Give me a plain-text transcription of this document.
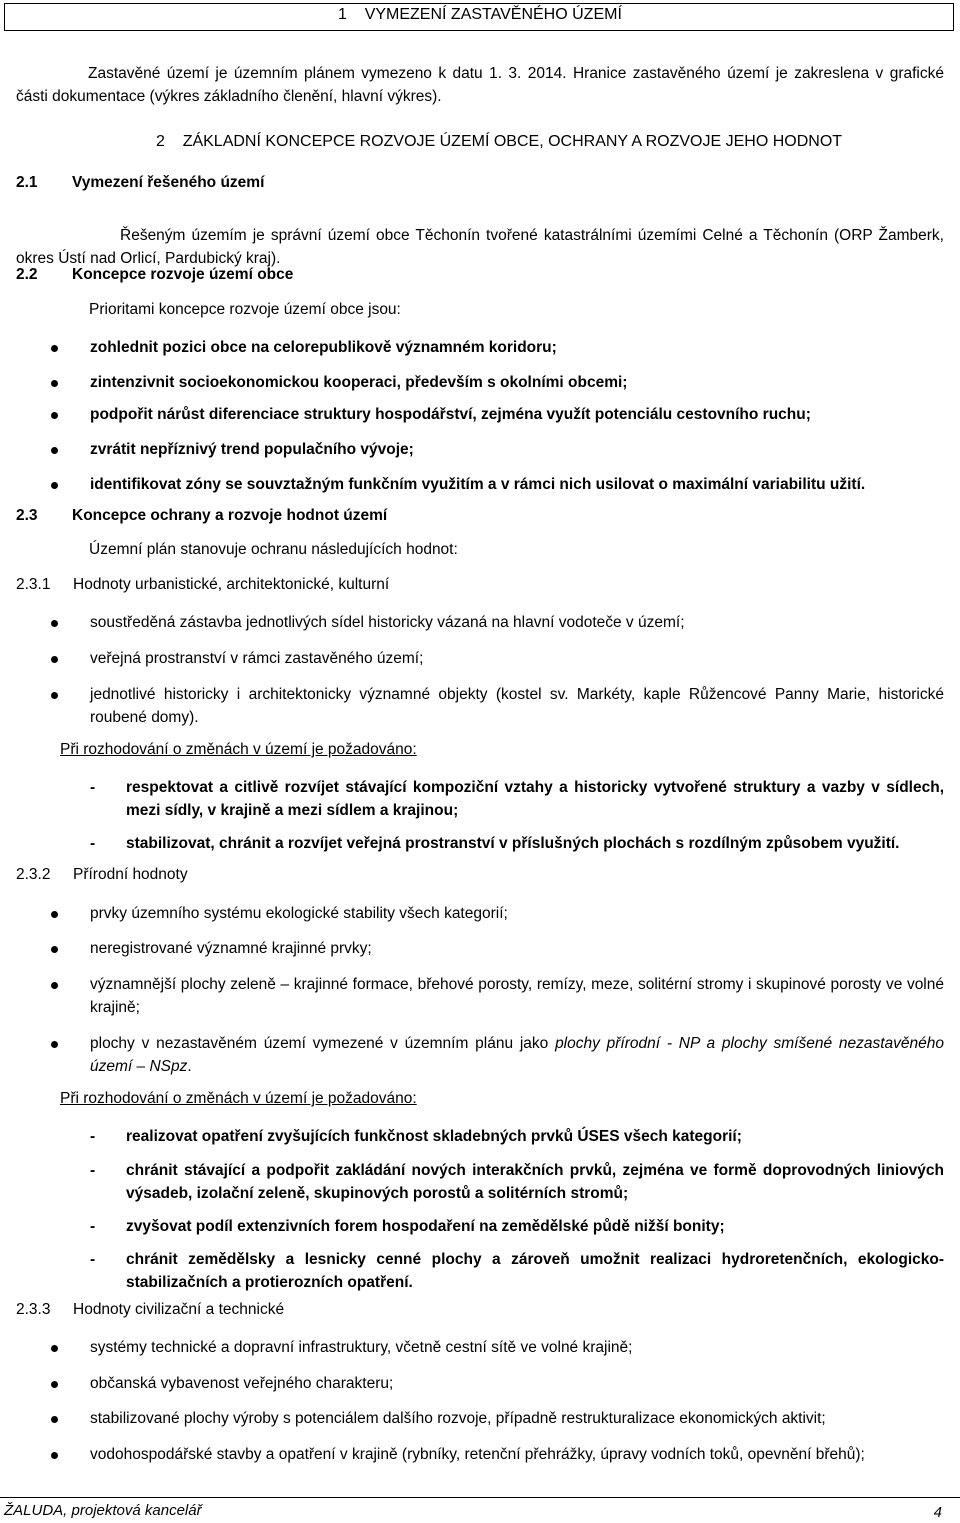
1 VYMEZENÍ ZASTAVĚNÉHO ÚZEMÍ

Zastavěné území je územním plánem vymezeno k datu 1. 3. 2014. Hranice zastavěného území je zakreslena v grafické části dokumentace (výkres základního členění, hlavní výkres).

2 ZÁKLADNÍ KONCEPCE ROZVOJE ÚZEMÍ OBCE, OCHRANY A ROZVOJE JEHO HODNOT
2.1 Vymezení řešeného území

Řešeným územím je správní území obce Těchonín tvořené katastrálními územími Celné a Těchonín (ORP Žamberk, okres Ústí nad Orlicí, Pardubický kraj).

2.2 Koncepce rozvoje území obce
Prioritami koncepce rozvoje území obce jsou:
zohlednit pozici obce na celorepublikově významném koridoru;
zintenzivnit socioekonomickou kooperaci, především s okolními obcemi;
podpořit nárůst diferenciace struktury hospodářství, zejména využít potenciálu cestovního ruchu;
zvrátit nepříznivý trend populačního vývoje;
identifikovat zóny se souvztažným funkčním využitím a v rámci nich usilovat o maximální variabilitu užití.
2.3 Koncepce ochrany a rozvoje hodnot území
Územní plán stanovuje ochranu následujících hodnot:
2.3.1 Hodnoty urbanistické, architektonické, kulturní
soustředěná zástavba jednotlivých sídel historicky vázaná na hlavní vodoteče v území;
veřejná prostranství v rámci zastavěného území;
jednotlivé historicky i architektonicky významné objekty (kostel sv. Markéty, kaple Růžencové Panny Marie, historické roubené domy).
Při rozhodování o změnách v území je požadováno:
- respektovat a citlivě rozvíjet stávající kompoziční vztahy a historicky vytvořené struktury a vazby v sídlech, mezi sídly, v krajině a mezi sídlem a krajinou;
- stabilizovat, chránit a rozvíjet veřejná prostranství v příslušných plochách s rozdílným způsobem využití.
2.3.2 Přírodní hodnoty
prvky územního systému ekologické stability všech kategorií;
neregistrované významné krajinné prvky;
významnější plochy zeleně – krajinné formace, břehové porosty, remízy, meze, solitérní stromy i skupinové porosty ve volné krajině;
plochy v nezastavěném území vymezené v územním plánu jako plochy přírodní - NP a plochy smíšené nezastavěného území – NSpz.
Při rozhodování o změnách v území je požadováno:
- realizovat opatření zvyšujících funkčnost skladebných prvků ÚSES všech kategorií;
- chránit stávající a podpořit zakládání nových interakčních prvků, zejména ve formě doprovodných liniových výsadeb, izolační zeleně, skupinových porostů a solitérních stromů;
- zvyšovat podíl extenzivních forem hospodaření na zemědělské půdě nižší bonity;
- chránit zemědělsky a lesnicky cenné plochy a zároveň umožnit realizaci hydroretenčních, ekologicko-stabilizačních a protierozních opatření.
2.3.3 Hodnoty civilizační a technické
systémy technické a dopravní infrastruktury, včetně cestní sítě ve volné krajině;
občanská vybavenost veřejného charakteru;
stabilizované plochy výroby s potenciálem dalšího rozvoje, případně restrukturalizace ekonomických aktivit;
vodohospodářské stavby a opatření v krajině (rybníky, retenční přehrážky, úpravy vodních toků, opevnění břehů);
ŽALUDA, projektová kancelář	4
